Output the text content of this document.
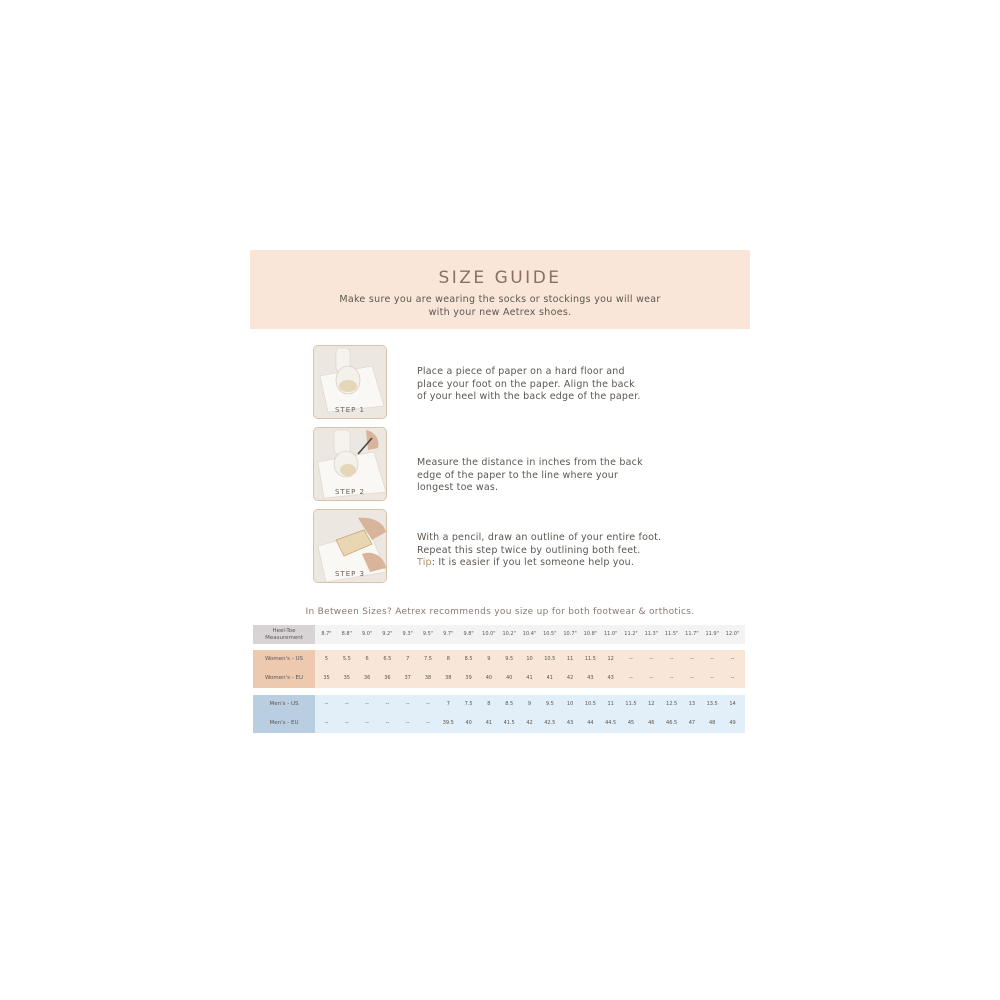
SIZE GUIDE
Make sure you are wearing the socks or stockings you will wear
with your new Aetrex shoes.
STEP 1
Place a piece of paper on a hard floor and
place your foot on the paper. Align the back
of your heel with the back edge of the paper.
STEP 2
Measure the distance in inches from the back
edge of the paper to the line where your
longest toe was.
STEP 3
With a pencil, draw an outline of your entire foot.
Repeat this step twice by outlining both feet.
Tip: It is easier if you let someone help you.
In Between Sizes? Aetrex recommends you size up for both footwear & orthotics.
Heel-Toe
Measurement
8.7"	8.8"	9.0"	9.2"	9.3"	9.5"	9.7"	9.8"	10.0"	10.2"	10.4"	10.5"	10.7"	10.8"	11.0"	11.2"	11.3"	11.5"	11.7"	11.9"	12.0"
Women's - US	5	5.5	6	6.5	7	7.5	8	8.5	9	9.5	10	10.5	11	11.5	12	--	--	--	--	--	--
Women's - EU	35	35	36	36	37	38	38	39	40	40	41	41	42	43	43	--	--	--	--	--	--
Men's - US	--	--	--	--	--	--	7	7.5	8	8.5	9	9.5	10	10.5	11	11.5	12	12.5	13	13.5	14
Men's - EU	--	--	--	--	--	--	39.5	40	41	41.5	42	42.5	43	44	44.5	45	46	46.5	47	48	49
